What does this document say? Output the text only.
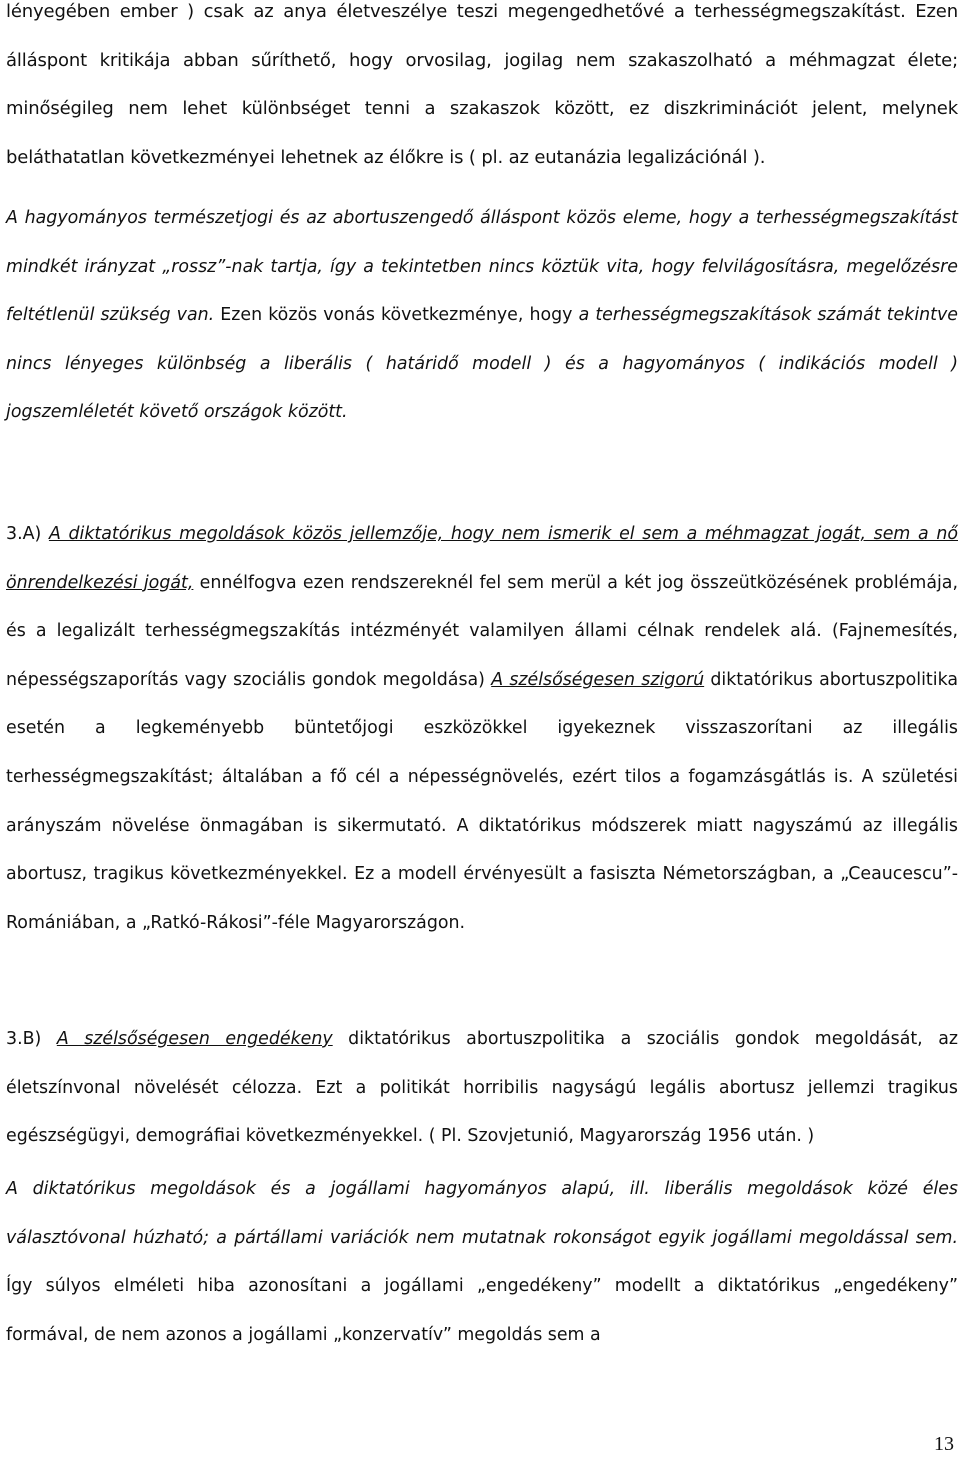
lényegében ember ) csak az anya életveszélye teszi megengedhetővé a terhességmegszakítást. Ezen álláspont kritikája abban sűríthető, hogy orvosilag, jogilag nem szakaszolható a méhmagzat élete; minőségileg nem lehet különbséget tenni a szakaszok között, ez diszkriminációt jelent, melynek beláthatatlan következményei lehetnek az élőkre is ( pl. az eutanázia legalizációnál ).

A hagyományos természetjogi és az abortuszengedő álláspont közös eleme, hogy a terhességmegszakítást mindkét irányzat „rossz”-nak tartja, így a tekintetben nincs köztük vita, hogy felvilágosításra, megelőzésre feltétlenül szükség van. Ezen közös vonás következménye, hogy a terhességmegszakítások számát tekintve nincs lényeges különbség a liberális ( határidő modell ) és a hagyományos ( indikációs modell ) jogszemléletét követő országok között.

3.A) A diktatórikus megoldások közös jellemzője, hogy nem ismerik el sem a méhmagzat jogát, sem a nő önrendelkezési jogát, ennélfogva ezen rendszereknél fel sem merül a két jog összeütközésének problémája, és a legalizált terhességmegszakítás intézményét valamilyen állami célnak rendelek alá. (Fajnemesítés, népességszaporítás vagy szociális gondok megoldása) A szélsőségesen szigorú diktatórikus abortuszpolitika esetén a legkeményebb büntetőjogi eszközökkel igyekeznek visszaszorítani az illegális terhességmegszakítást; általában a fő cél a népességnövelés, ezért tilos a fogamzásgátlás is. A születési arányszám növelése önmagában is sikermutató. A diktatórikus módszerek miatt nagyszámú az illegális abortusz, tragikus következményekkel. Ez a modell érvényesült a fasiszta Németországban, a „Ceaucescu”- Romániában, a „Ratkó-Rákosi”-féle Magyarországon.

3.B) A szélsőségesen engedékeny diktatórikus abortuszpolitika a szociális gondok megoldását, az életszínvonal növelését célozza. Ezt a politikát horribilis nagyságú legális abortusz jellemzi tragikus egészségügyi, demográfiai következményekkel. ( Pl. Szovjetunió, Magyarország 1956 után. )

A diktatórikus megoldások és a jogállami hagyományos alapú, ill. liberális megoldások közé éles választóvonal húzható; a pártállami variációk nem mutatnak rokonságot egyik jogállami megoldással sem. Így súlyos elméleti hiba azonosítani a jogállami „engedékeny” modellt a diktatórikus „engedékeny” formával, de nem azonos a jogállami „konzervatív” megoldás sem a

13
